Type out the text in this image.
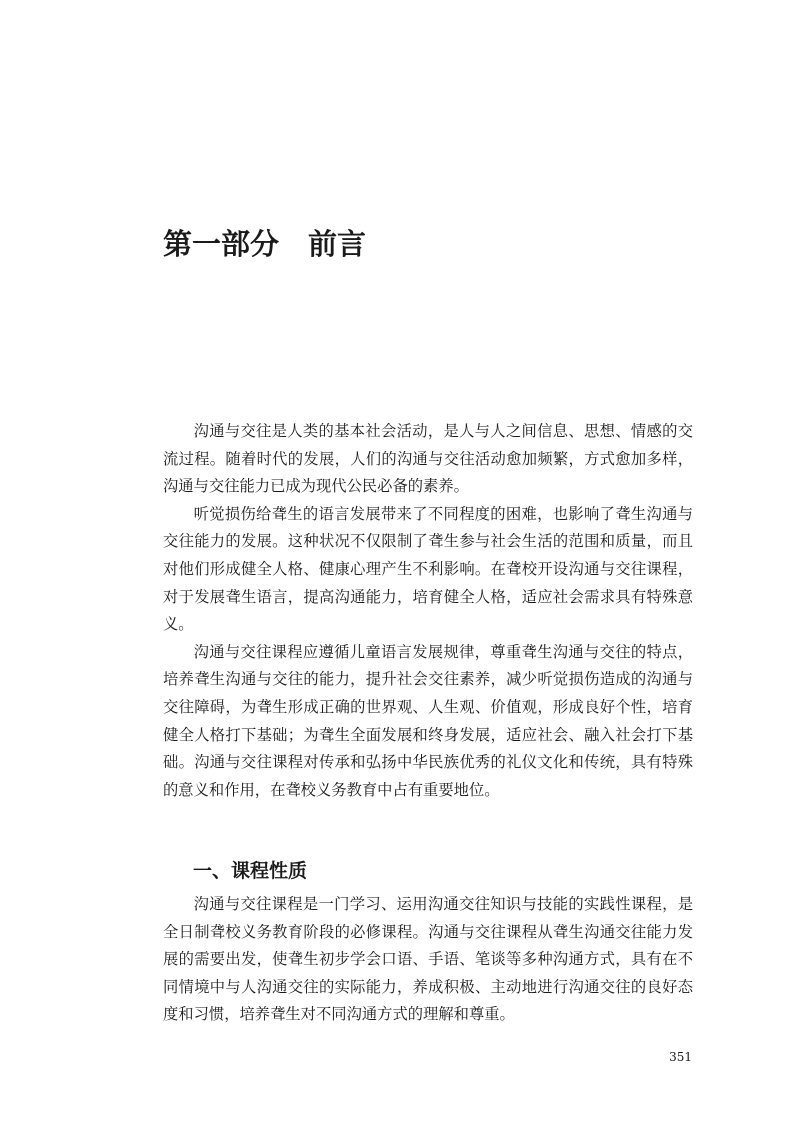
第一部分　前言

沟通与交往是人类的基本社会活动，是人与人之间信息、思想、情感的交流过程。随着时代的发展，人们的沟通与交往活动愈加频繁，方式愈加多样，沟通与交往能力已成为现代公民必备的素养。

听觉损伤给聋生的语言发展带来了不同程度的困难，也影响了聋生沟通与交往能力的发展。这种状况不仅限制了聋生参与社会生活的范围和质量，而且对他们形成健全人格、健康心理产生不利影响。在聋校开设沟通与交往课程，对于发展聋生语言，提高沟通能力，培育健全人格，适应社会需求具有特殊意义。

沟通与交往课程应遵循儿童语言发展规律，尊重聋生沟通与交往的特点，培养聋生沟通与交往的能力，提升社会交往素养，减少听觉损伤造成的沟通与交往障碍，为聋生形成正确的世界观、人生观、价值观，形成良好个性，培育健全人格打下基础；为聋生全面发展和终身发展，适应社会、融入社会打下基础。沟通与交往课程对传承和弘扬中华民族优秀的礼仪文化和传统，具有特殊的意义和作用，在聋校义务教育中占有重要地位。

一、课程性质

沟通与交往课程是一门学习、运用沟通交往知识与技能的实践性课程，是全日制聋校义务教育阶段的必修课程。沟通与交往课程从聋生沟通交往能力发展的需要出发，使聋生初步学会口语、手语、笔谈等多种沟通方式，具有在不同情境中与人沟通交往的实际能力，养成积极、主动地进行沟通交往的良好态度和习惯，培养聋生对不同沟通方式的理解和尊重。

351
